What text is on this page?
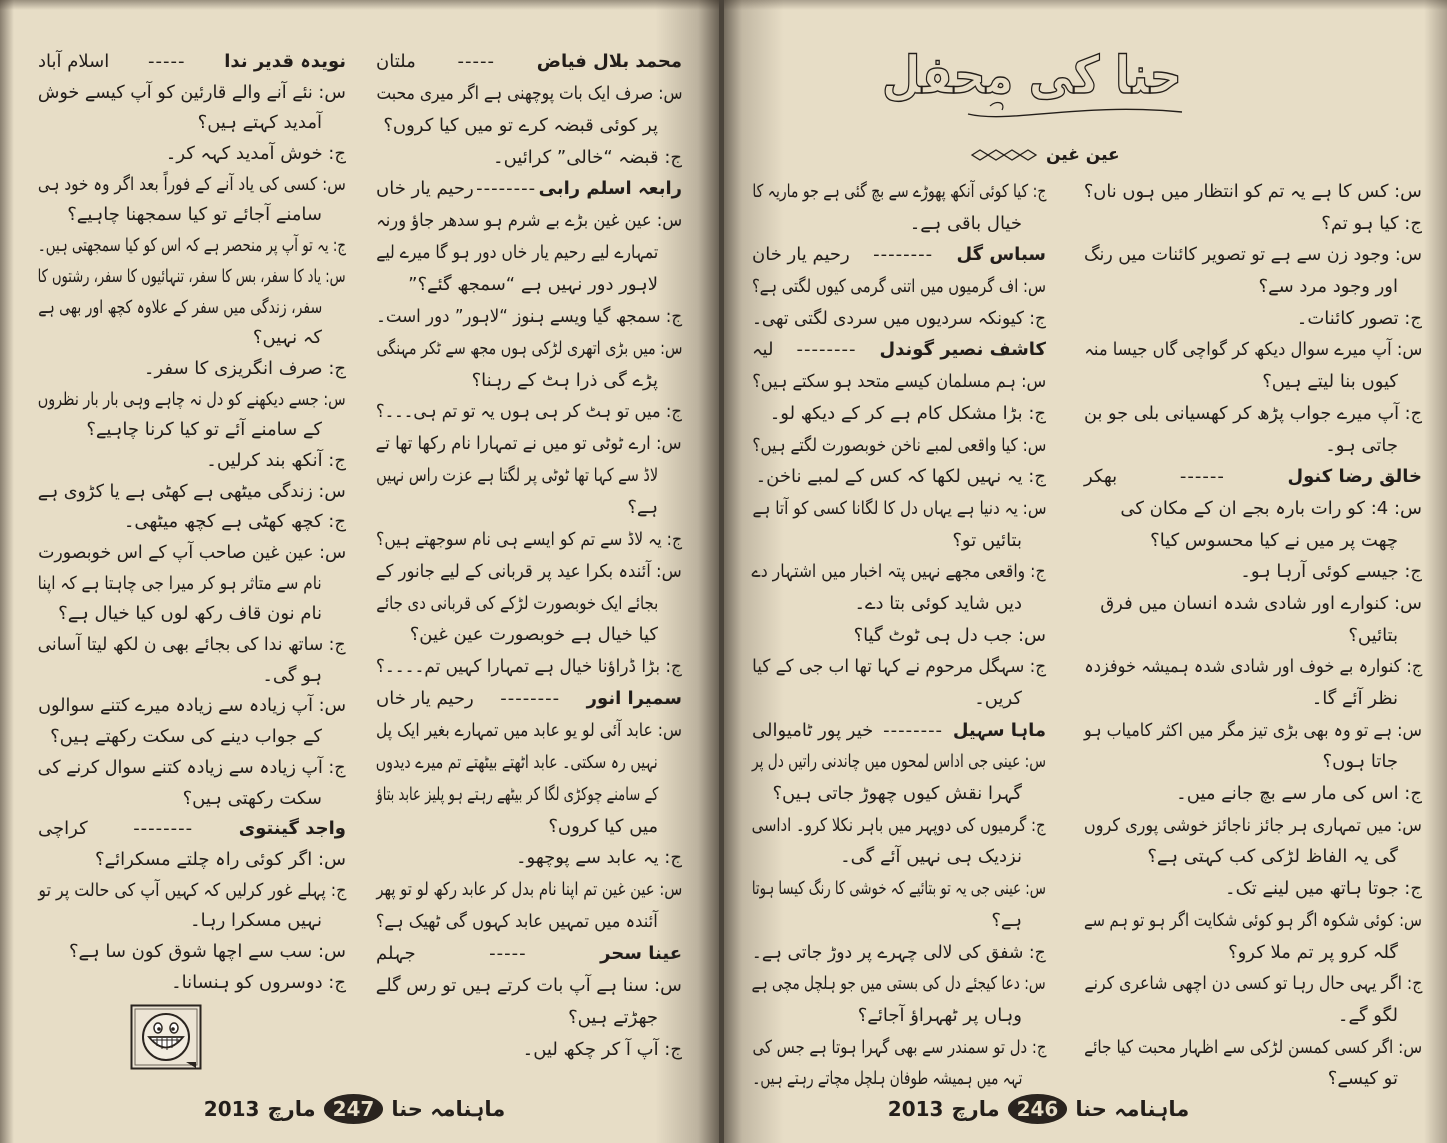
نویدہ قدیر ندا
-----
اسلام آباد
س: نئے آنے والے قارئین کو آپ کیسے خوش
آمدید کہتے ہیں؟
ج: خوش آمدید کہہ کر۔
س: کسی کی یاد آنے کے فوراً بعد اگر وہ خود ہی
سامنے آجائے تو کیا سمجھنا چاہیے؟
ج: یہ تو آپ پر منحصر ہے کہ اس کو کیا سمجھتی ہیں۔
س: یاد کا سفر، بس کا سفر، تنہائیوں کا سفر، رشتوں کا
سفر، زندگی میں سفر کے علاوہ کچھ اور بھی ہے
کہ نہیں؟
ج: صرف انگریزی کا سفر۔
س: جسے دیکھنے کو دل نہ چاہے وہی بار بار نظروں
کے سامنے آئے تو کیا کرنا چاہیے؟
ج: آنکھ بند کرلیں۔
س: زندگی میٹھی ہے کھٹی ہے یا کڑوی ہے
ج: کچھ کھٹی ہے کچھ میٹھی۔
س: عین غین صاحب آپ کے اس خوبصورت
نام سے متاثر ہو کر میرا جی چاہتا ہے کہ اپنا
نام نون قاف رکھ لوں کیا خیال ہے؟
ج: ساتھ ندا کی بجائے بھی ن لکھ لیتا آسانی
ہو گی۔
س: آپ زیادہ سے زیادہ میرے کتنے سوالوں
کے جواب دینے کی سکت رکھتے ہیں؟
ج: آپ زیادہ سے زیادہ کتنے سوال کرنے کی
سکت رکھتی ہیں؟
واجد گینتوی
--------
کراچی
س: اگر کوئی راہ چلتے مسکرائے؟
ج: پہلے غور کرلیں کہ کہیں آپ کی حالت پر تو
نہیں مسکرا رہا۔
س: سب سے اچھا شوق کون سا ہے؟
ج: دوسروں کو ہنسانا۔
محمد بلال فیاض
-----
ملتان
س: صرف ایک بات پوچھنی ہے اگر میری محبت
پر کوئی قبضہ کرے تو میں کیا کروں؟
ج: قبضہ “خالی” کرائیں۔
رابعہ اسلم رابی
--------
رحیم یار خاں
س: عین غین بڑے بے شرم ہو سدھر جاؤ ورنہ
تمہارے لیے رحیم یار خاں دور ہو گا میرے لیے
لاہور دور نہیں ہے “سمجھ گئے؟”
ج: سمجھ گیا ویسے ہنوز “لاہور” دور است۔
س: میں بڑی اتھری لڑکی ہوں مجھ سے ٹکر مہنگی
پڑے گی ذرا ہٹ کے رہنا؟
ج: میں تو ہٹ کر ہی ہوں یہ تو تم ہی۔۔۔؟
س: ارے ٹوٹی تو میں نے تمہارا نام رکھا تھا تے
لاڈ سے کہا تھا ٹوٹی پر لگتا ہے عزت راس نہیں
ہے؟
ج: یہ لاڈ سے تم کو ایسے ہی نام سوجھتے ہیں؟
س: آئندہ بکرا عید پر قربانی کے لیے جانور کے
بجائے ایک خوبصورت لڑکے کی قربانی دی جائے
کیا خیال ہے خوبصورت عین غین؟
ج: بڑا ڈراؤنا خیال ہے تمہارا کہیں تم۔۔۔۔؟
سمیرا انور
--------
رحیم یار خاں
س: عابد آئی لو یو عابد میں تمہارے بغیر ایک پل
نہیں رہ سکتی۔ عابد اٹھتے بیٹھتے تم میرے دیدوں
کے سامنے چوکڑی لگا کر بیٹھے رہتے ہو پلیز عابد بتاؤ
میں کیا کروں؟
ج: یہ عابد سے پوچھو۔
س: عین غین تم اپنا نام بدل کر عابد رکھ لو تو پھر
آئندہ میں تمہیں عابد کہوں گی ٹھیک ہے؟
عینا سحر
-----
جہلم
س: سنا ہے آپ بات کرتے ہیں تو رس گلے
جھڑتے ہیں؟
ج: آپ آ کر چکھ لیں۔
ماہنامہ حنا
247
مارچ
2013
حنا کی محفل
عین غین
ج: کیا کوئی آنکھ پھوڑے سے بچ گئی ہے جو ماریہ کا
خیال باقی ہے۔
سباس گل
--------
رحیم یار خان
س: اف گرمیوں میں اتنی گرمی کیوں لگتی ہے؟
ج: کیونکہ سردیوں میں سردی لگتی تھی۔
کاشف نصیر گوندل
--------
لیہ
س: ہم مسلمان کیسے متحد ہو سکتے ہیں؟
ج: بڑا مشکل کام ہے کر کے دیکھ لو۔
س: کیا واقعی لمبے ناخن خوبصورت لگتے ہیں؟
ج: یہ نہیں لکھا کہ کس کے لمبے ناخن۔
س: یہ دنیا ہے یہاں دل کا لگانا کسی کو آتا ہے
بتائیں تو؟
ج: واقعی مجھے نہیں پتہ اخبار میں اشتہار دے
دیں شاید کوئی بتا دے۔
س: جب دل ہی ٹوٹ گیا؟
ج: سہگل مرحوم نے کہا تھا اب جی کے کیا
کریں۔
ماہا سہیل
--------
خیر پور ٹامیوالی
س: عینی جی اداس لمحوں میں چاندنی راتیں دل پر
گہرا نقش کیوں چھوڑ جاتی ہیں؟
ج: گرمیوں کی دوپہر میں باہر نکلا کرو۔ اداسی
نزدیک ہی نہیں آئے گی۔
س: عینی جی یہ تو بتائیے کہ خوشی کا رنگ کیسا ہوتا
ہے؟
ج: شفق کی لالی چہرے پر دوڑ جاتی ہے۔
س: دعا کیجئے دل کی بستی میں جو ہلچل مچی ہے
وہاں پر ٹھہراؤ آجائے؟
ج: دل تو سمندر سے بھی گہرا ہوتا ہے جس کی
تہہ میں ہمیشہ طوفان ہلچل مچاتے رہتے ہیں۔
س: کس کا ہے یہ تم کو انتظار میں ہوں ناں؟
ج: کیا ہو تم؟
س: وجود زن سے ہے تو تصویر کائنات میں رنگ
اور وجود مرد سے؟
ج: تصور کائنات۔
س: آپ میرے سوال دیکھ کر گواچی گاں جیسا منہ
کیوں بنا لیتے ہیں؟
ج: آپ میرے جواب پڑھ کر کھسیانی بلی جو بن
جاتی ہو۔
خالق رضا کنول
------
بھکر
س: 4: کو رات بارہ بجے ان کے مکان کی
چھت پر میں نے کیا محسوس کیا؟
ج: جیسے کوئی آرہا ہو۔
س: کنوارے اور شادی شدہ انسان میں فرق
بتائیں؟
ج: کنوارہ بے خوف اور شادی شدہ ہمیشہ خوفزدہ
نظر آئے گا۔
س: ہے تو وہ بھی بڑی تیز مگر میں اکثر کامیاب ہو
جاتا ہوں؟
ج: اس کی مار سے بچ جانے میں۔
س: میں تمہاری ہر جائز ناجائز خوشی پوری کروں
گی یہ الفاظ لڑکی کب کہتی ہے؟
ج: جوتا ہاتھ میں لینے تک۔
س: کوئی شکوہ اگر ہو کوئی شکایت اگر ہو تو ہم سے
گلہ کرو پر تم ملا کرو؟
ج: اگر یہی حال رہا تو کسی دن اچھی شاعری کرنے
لگو گے۔
س: اگر کسی کمسن لڑکی سے اظہار محبت کیا جائے
تو کیسے؟
ماہنامہ حنا
246
مارچ
2013
